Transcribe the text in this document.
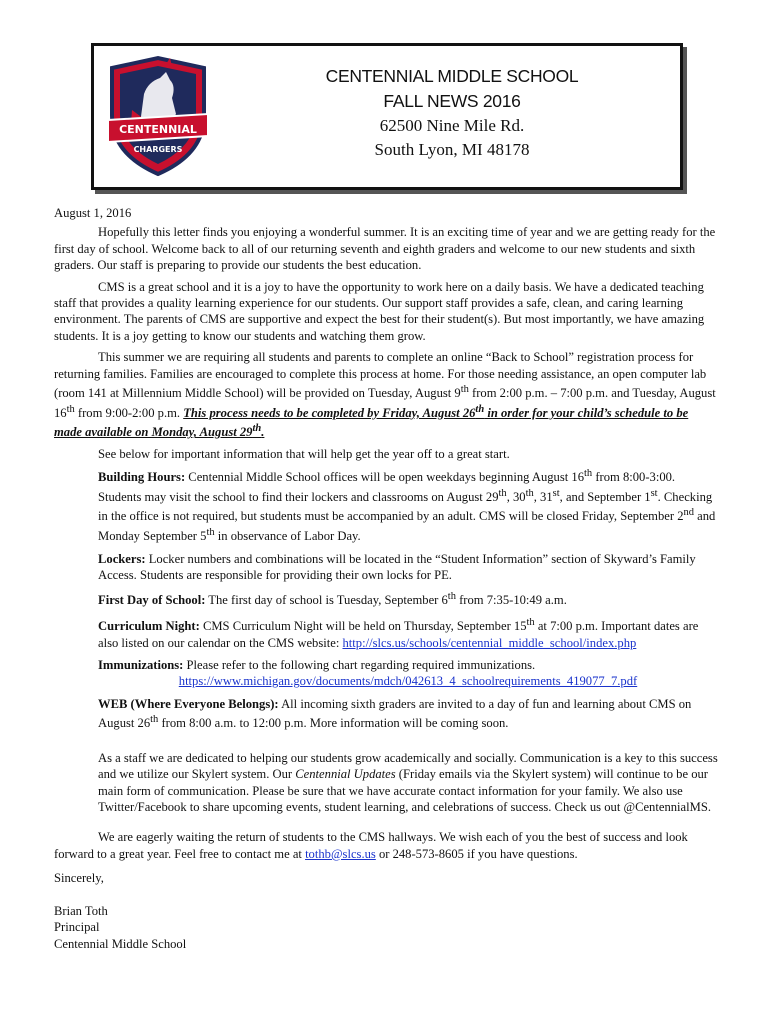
CENTENNIAL
CHARGERS
CENTENNIAL MIDDLE SCHOOL
FALL NEWS 2016
62500 Nine Mile Rd.
South Lyon, MI 48178

August 1, 2016

Hopefully this letter finds you enjoying a wonderful summer. It is an exciting time of year and we are getting ready for the first day of school. Welcome back to all of our returning seventh and eighth graders and welcome to our new students and sixth graders. Our staff is preparing to provide our students the best education.

CMS is a great school and it is a joy to have the opportunity to work here on a daily basis. We have a dedicated teaching staff that provides a quality learning experience for our students. Our support staff provides a safe, clean, and caring learning environment. The parents of CMS are supportive and expect the best for their student(s). But most importantly, we have amazing students. It is a joy getting to know our students and watching them grow.

This summer we are requiring all students and parents to complete an online “Back to School” registration process for returning families. Families are encouraged to complete this process at home. For those needing assistance, an open computer lab (room 141 at Millennium Middle School) will be provided on Tuesday, August 9th from 2:00 p.m. – 7:00 p.m. and Tuesday, August 16th from 9:00-2:00 p.m. This process needs to be completed by Friday, August 26th in order for your child’s schedule to be made available on Monday, August 29th.

See below for important information that will help get the year off to a great start.

Building Hours: Centennial Middle School offices will be open weekdays beginning August 16th from 8:00-3:00. Students may visit the school to find their lockers and classrooms on August 29th, 30th, 31st, and September 1st. Checking in the office is not required, but students must be accompanied by an adult. CMS will be closed Friday, September 2nd and Monday September 5th in observance of Labor Day.

Lockers: Locker numbers and combinations will be located in the “Student Information” section of Skyward’s Family Access. Students are responsible for providing their own locks for PE.

First Day of School: The first day of school is Tuesday, September 6th from 7:35-10:49 a.m.

Curriculum Night: CMS Curriculum Night will be held on Thursday, September 15th at 7:00 p.m. Important dates are also listed on our calendar on the CMS website: http://slcs.us/schools/centennial_middle_school/index.php

Immunizations: Please refer to the following chart regarding required immunizations.
https://www.michigan.gov/documents/mdch/042613_4_schoolrequirements_419077_7.pdf

WEB (Where Everyone Belongs): All incoming sixth graders are invited to a day of fun and learning about CMS on August 26th from 8:00 a.m. to 12:00 p.m. More information will be coming soon.

As a staff we are dedicated to helping our students grow academically and socially. Communication is a key to this success and we utilize our Skylert system. Our Centennial Updates (Friday emails via the Skylert system) will continue to be our main form of communication. Please be sure that we have accurate contact information for your family. We also use Twitter/Facebook to share upcoming events, student learning, and celebrations of success. Check us out @CentennialMS.

We are eagerly waiting the return of students to the CMS hallways. We wish each of you the best of success and look forward to a great year. Feel free to contact me at tothb@slcs.us or 248-573-8605 if you have questions.

Sincerely,

Brian Toth

Principal

Centennial Middle School
